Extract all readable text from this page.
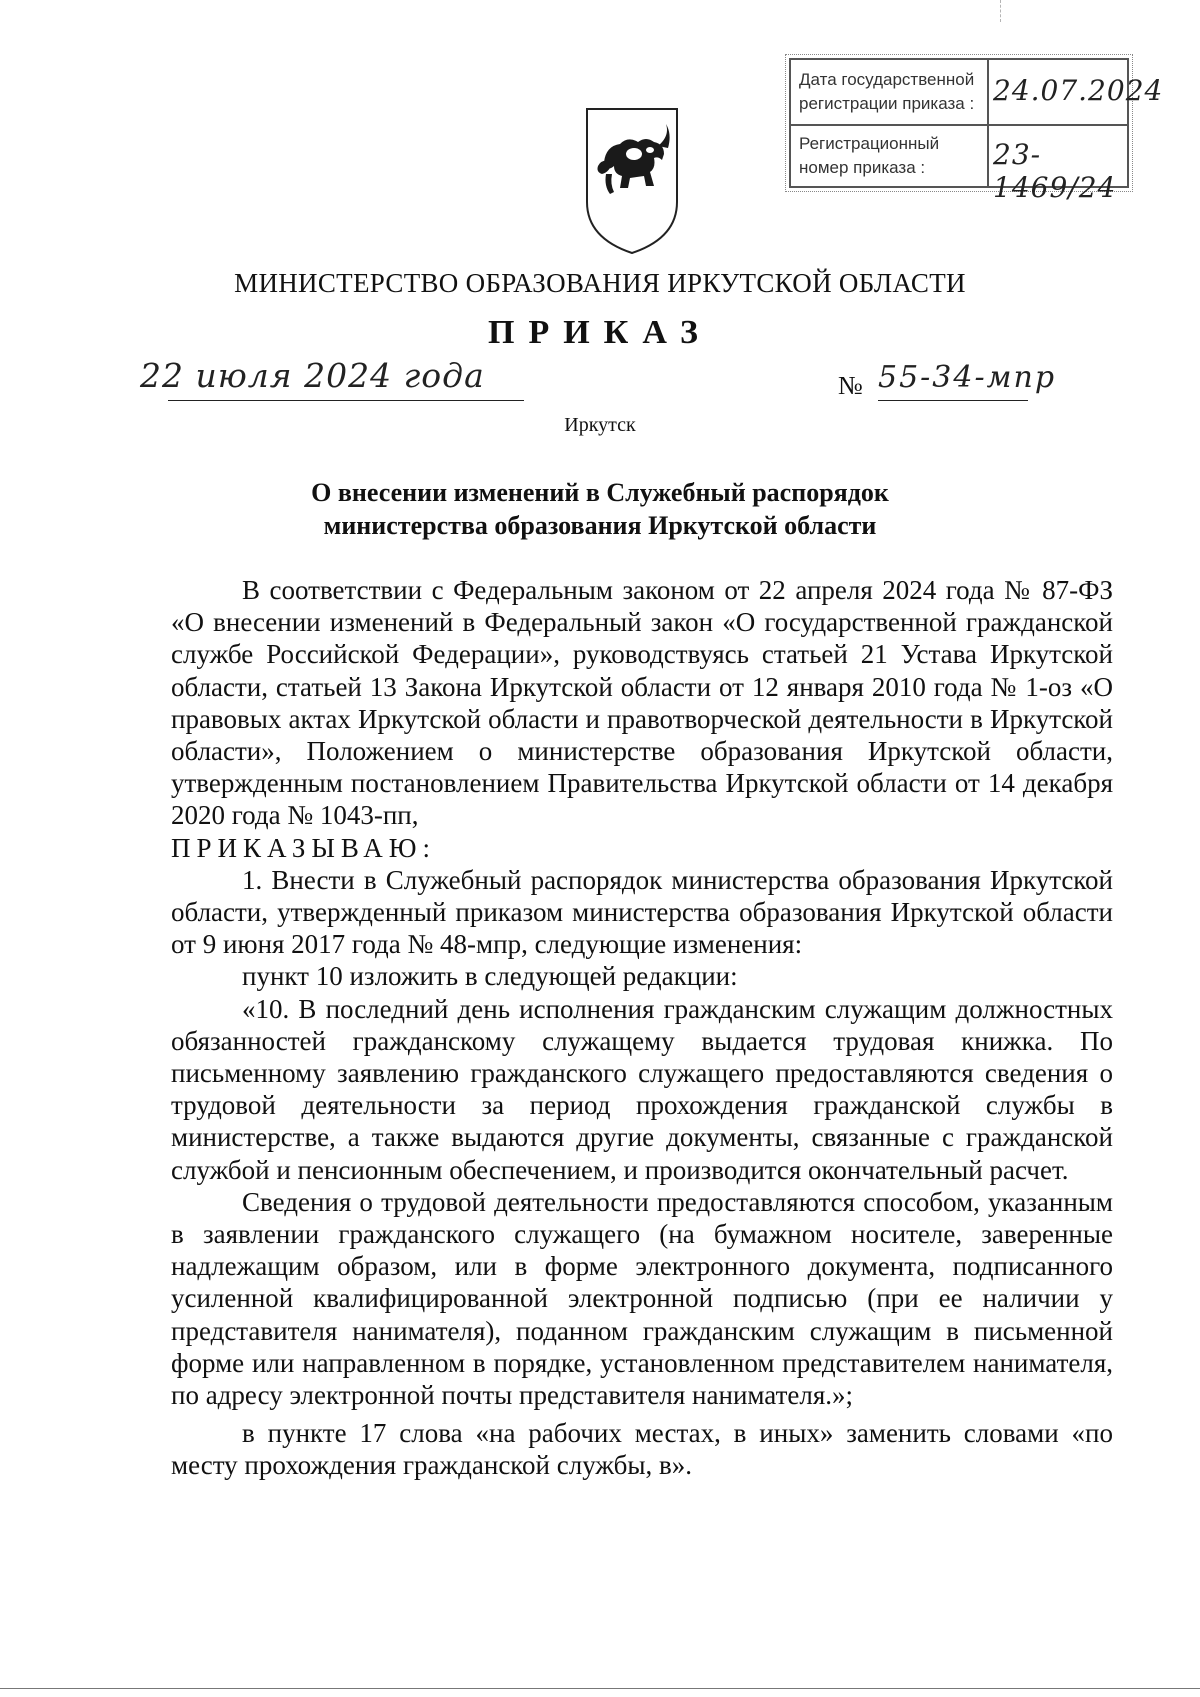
Дата государственной регистрации приказа : 24.07.2024
Регистрационный номер приказа :	23-1469/24
МИНИСТЕРСТВО ОБРАЗОВАНИЯ ИРКУТСКОЙ ОБЛАСТИ
ПРИКАЗ
22 июля 2024 года	№ 55-34-мпр
Иркутск
О внесении изменений в Служебный распорядок
министерства образования Иркутской области

В соответствии с Федеральным законом от 22 апреля 2024 года № 87-ФЗ «О внесении изменений в Федеральный закон «О государственной гражданской службе Российской Федерации», руководствуясь статьей 21 Устава Иркутской области, статьей 13 Закона Иркутской области от 12 января 2010 года № 1-оз «О правовых актах Иркутской области и правотворческой деятельности в Иркутской области», Положением о министерстве образования Иркутской области, утвержденным постановлением Правительства Иркутской области от 14 декабря 2020 года № 1043-пп,

ПРИКАЗЫВАЮ:

1. Внести в Служебный распорядок министерства образования Иркутской области, утвержденный приказом министерства образования Иркутской области от 9 июня 2017 года № 48-мпр, следующие изменения:

пункт 10 изложить в следующей редакции:

«10. В последний день исполнения гражданским служащим должностных обязанностей гражданскому служащему выдается трудовая книжка. По письменному заявлению гражданского служащего предоставляются сведения о трудовой деятельности за период прохождения гражданской службы в министерстве, а также выдаются другие документы, связанные с гражданской службой и пенсионным обеспечением, и производится окончательный расчет.

Сведения о трудовой деятельности предоставляются способом, указанным в заявлении гражданского служащего (на бумажном носителе, заверенные надлежащим образом, или в форме электронного документа, подписанного усиленной квалифицированной электронной подписью (при ее наличии у представителя нанимателя), поданном гражданским служащим в письменной форме или направленном в порядке, установленном представителем нанимателя, по адресу электронной почты представителя нанимателя.»;

в пункте 17 слова «на рабочих местах, в иных» заменить словами «по месту прохождения гражданской службы, в».
